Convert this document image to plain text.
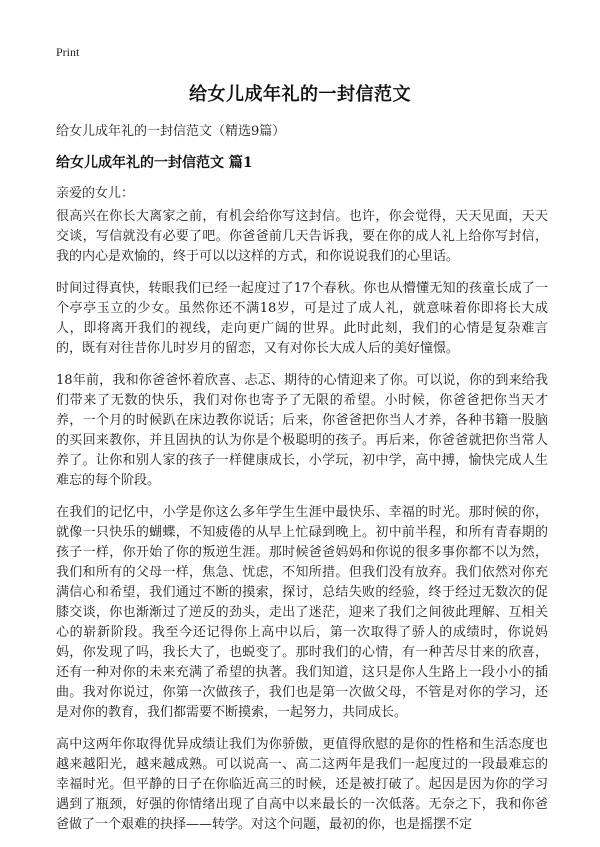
Print
给女儿成年礼的一封信范文
给女儿成年礼的一封信范文（精选9篇）
给女儿成年礼的一封信范文 篇1
亲爱的女儿：

很高兴在你长大离家之前，有机会给你写这封信。也许，你会觉得，天天见面，天天交谈，写信就没有必要了吧。你爸爸前几天告诉我，要在你的成人礼上给你写封信，我的内心是欢愉的，终于可以以这样的方式，和你说说我们的心里话。

时间过得真快，转眼我们已经一起度过了17个春秋。你也从懵懂无知的孩童长成了一个亭亭玉立的少女。虽然你还不满18岁，可是过了成人礼，就意味着你即将长大成人，即将离开我们的视线，走向更广阔的世界。此时此刻，我们的心情是复杂难言的，既有对往昔你儿时岁月的留恋，又有对你长大成人后的美好憧憬。

18年前，我和你爸爸怀着欣喜、忐忑、期待的心情迎来了你。可以说，你的到来给我们带来了无数的快乐，我们对你也寄予了无限的希望。小时候，你爸爸把你当天才养，一个月的时候趴在床边教你说话；后来，你爸爸把你当人才养，各种书籍一股脑的买回来教你，并且固执的认为你是个极聪明的孩子。再后来，你爸爸就把你当常人养了。让你和别人家的孩子一样健康成长，小学玩，初中学，高中搏，愉快完成人生难忘的每个阶段。

在我们的记忆中，小学是你这么多年学生生涯中最快乐、幸福的时光。那时候的你，就像一只快乐的蝴蝶，不知疲倦的从早上忙碌到晚上。初中前半程，和所有青春期的孩子一样，你开始了你的叛逆生涯。那时候爸爸妈妈和你说的很多事你都不以为然，我们和所有的父母一样，焦急、忧虑，不知所措。但我们没有放弃。我们依然对你充满信心和希望，我们通过不断的摸索，探讨，总结失败的经验，终于经过无数次的促膝交谈，你也渐渐过了逆反的劲头，走出了迷茫，迎来了我们之间彼此理解、互相关心的崭新阶段。我至今还记得你上高中以后，第一次取得了骄人的成绩时，你说妈妈，你发现了吗，我长大了，也蜕变了。那时我们的心情，有一种苦尽甘来的欣喜，还有一种对你的未来充满了希望的执著。我们知道，这只是你人生路上一段小小的插曲。我对你说过，你第一次做孩子，我们也是第一次做父母，不管是对你的学习，还是对你的教育，我们都需要不断摸索，一起努力，共同成长。

高中这两年你取得优异成绩让我们为你骄傲，更值得欣慰的是你的性格和生活态度也越来越阳光，越来越成熟。可以说高一、高二这两年是我们一起度过的一段最难忘的幸福时光。但平静的日子在你临近高三的时候，还是被打破了。起因是因为你的学习遇到了瓶颈，好强的你情绪出现了自高中以来最长的一次低落。无奈之下，我和你爸爸做了一个艰难的抉择——转学。对这个问题，最初的你，也是摇摆不定
